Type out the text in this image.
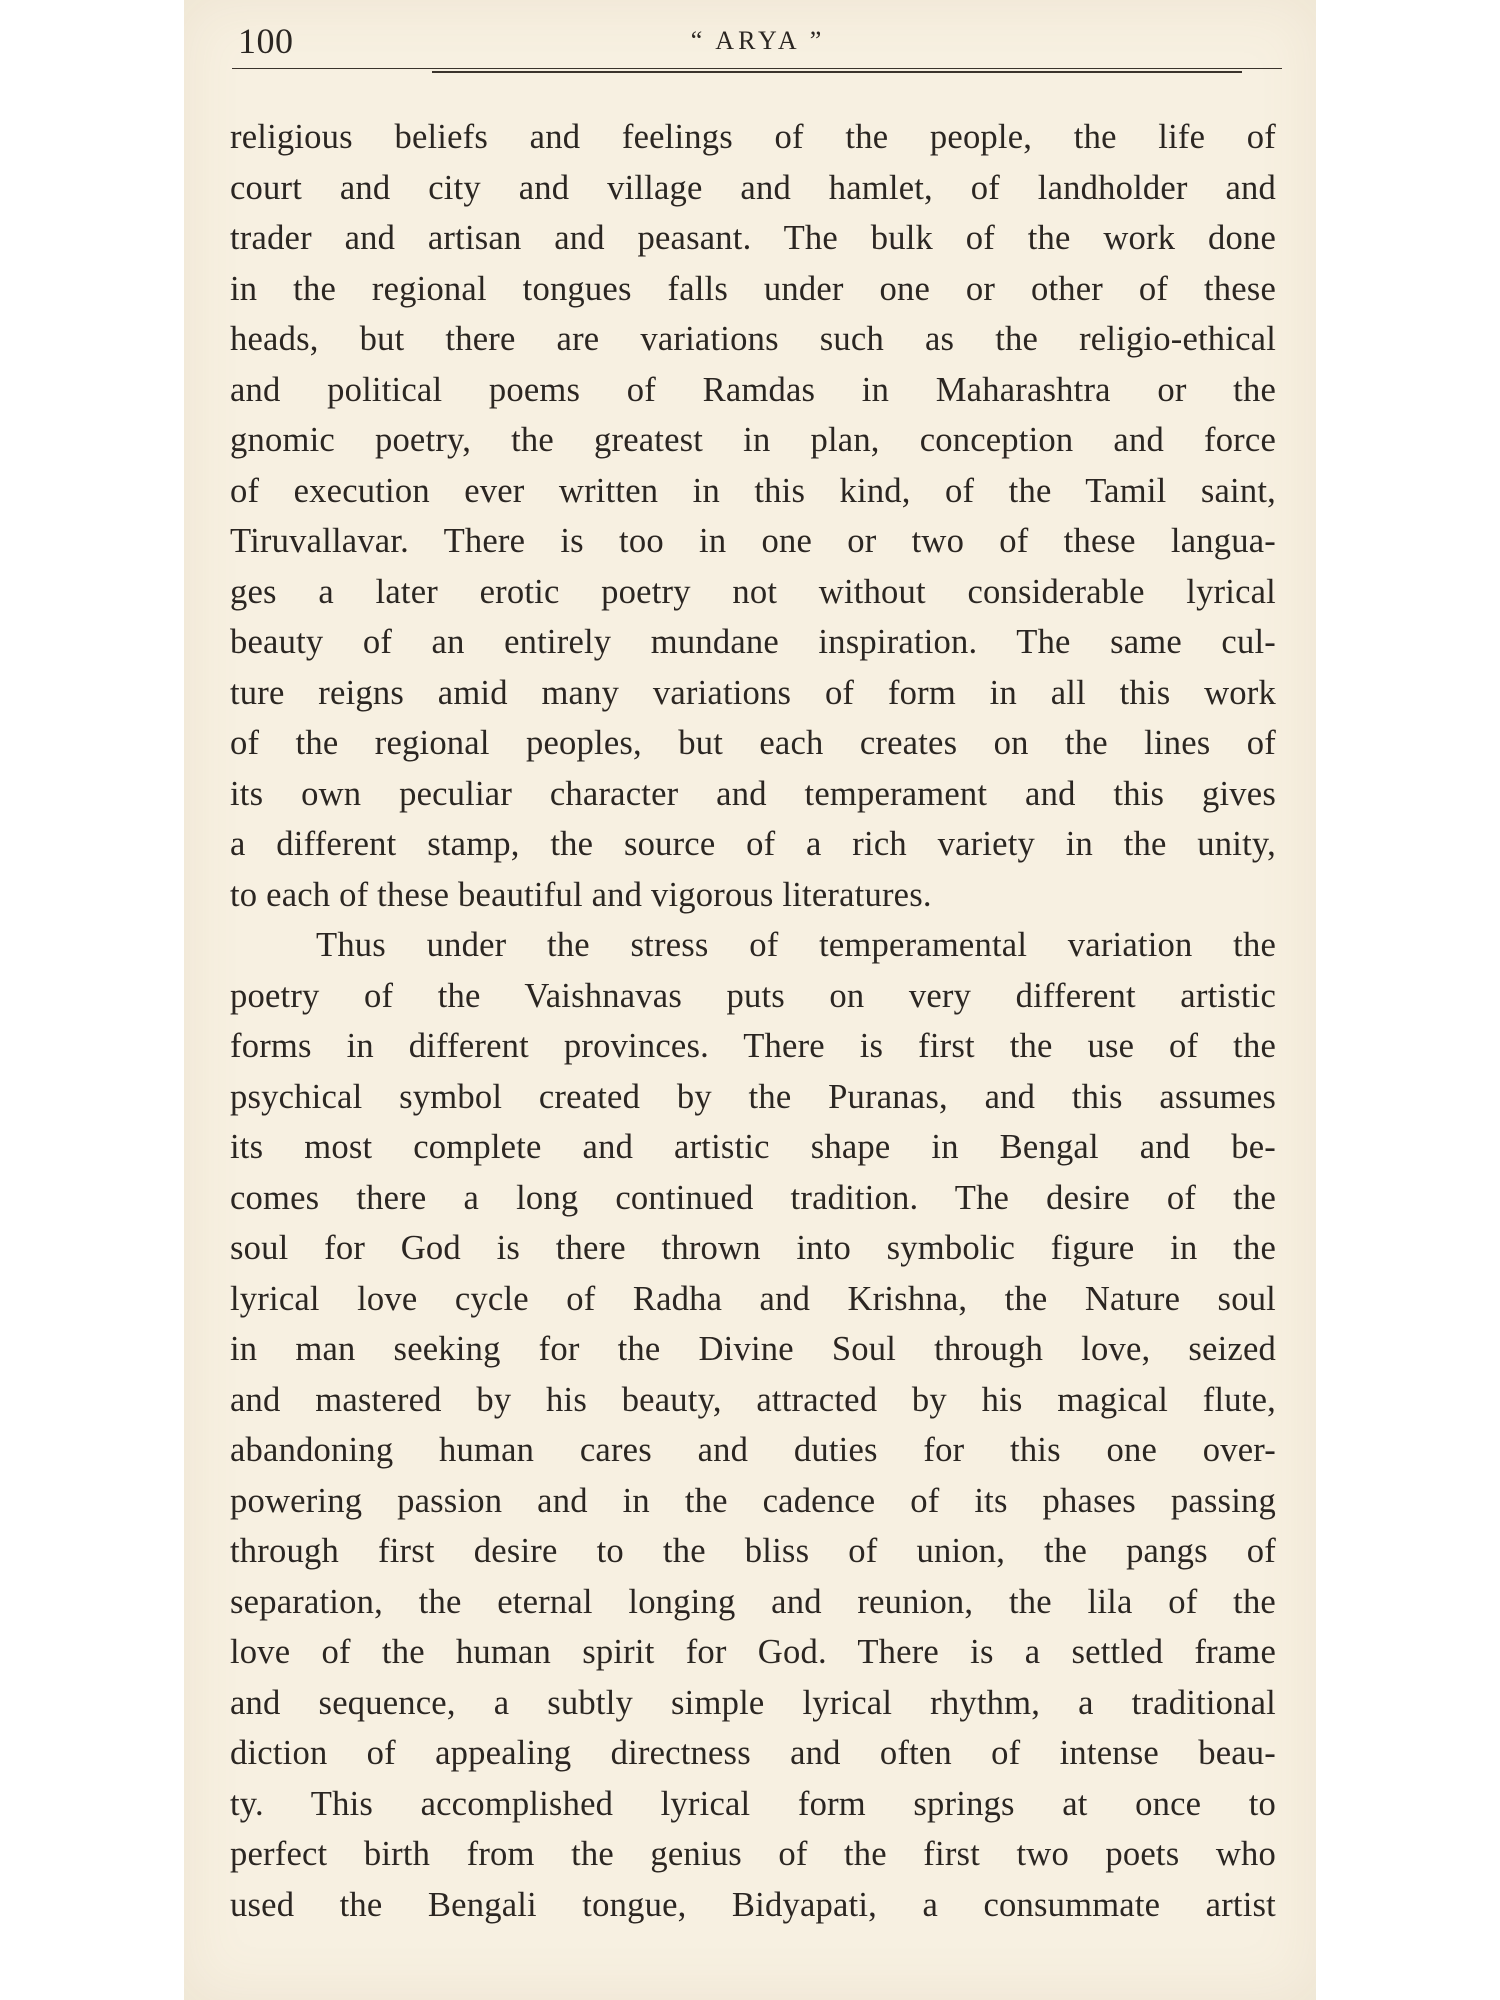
100	“ ARYA ”
religious beliefs and feelings of the people, the life of
court and city and village and hamlet, of landholder and
trader and artisan and peasant. The bulk of the work done
in the regional tongues falls under one or other of these
heads, but there are variations such as the religio-ethical
and political poems of Ramdas in Maharashtra or the
gnomic poetry, the greatest in plan, conception and force
of execution ever written in this kind, of the Tamil saint,
Tiruvallavar. There is too in one or two of these langua-
ges a later erotic poetry not without considerable lyrical
beauty of an entirely mundane inspiration. The same cul-
ture reigns amid many variations of form in all this work
of the regional peoples, but each creates on the lines of
its own peculiar character and temperament and this gives
a different stamp, the source of a rich variety in the unity,
to each of these beautiful and vigorous literatures.
Thus under the stress of temperamental variation the
poetry of the Vaishnavas puts on very different artistic
forms in different provinces. There is first the use of the
psychical symbol created by the Puranas, and this assumes
its most complete and artistic shape in Bengal and be-
comes there a long continued tradition. The desire of the
soul for God is there thrown into symbolic figure in the
lyrical love cycle of Radha and Krishna, the Nature soul
in man seeking for the Divine Soul through love, seized
and mastered by his beauty, attracted by his magical flute,
abandoning human cares and duties for this one over-
powering passion and in the cadence of its phases passing
through first desire to the bliss of union, the pangs of
separation, the eternal longing and reunion, the lila of the
love of the human spirit for God. There is a settled frame
and sequence, a subtly simple lyrical rhythm, a traditional
diction of appealing directness and often of intense beau-
ty. This accomplished lyrical form springs at once to
perfect birth from the genius of the first two poets who
used the Bengali tongue, Bidyapati, a consummate artist
